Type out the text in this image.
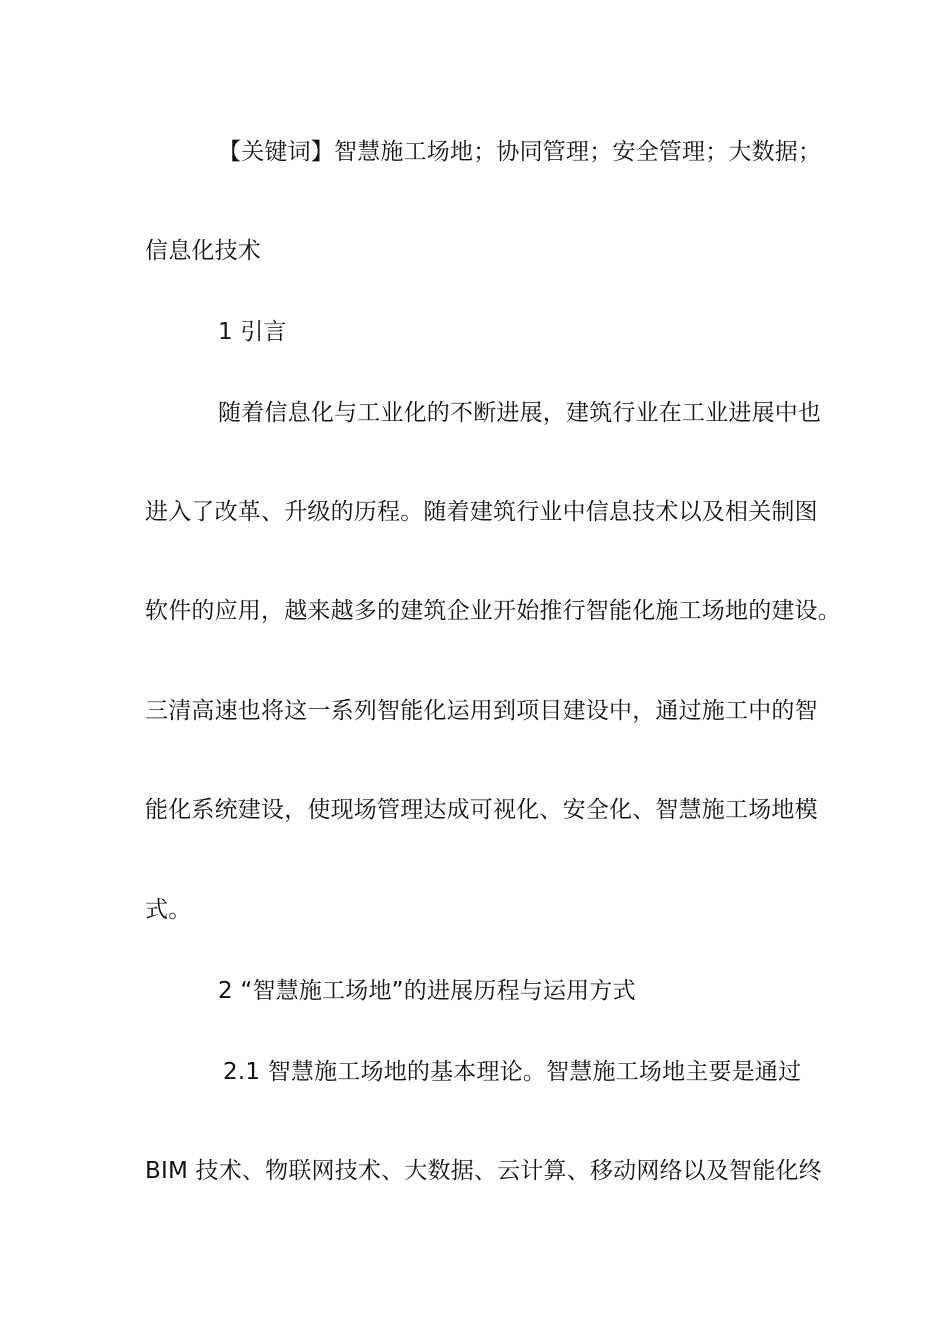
【关键词】智慧施工场地；协同管理；安全管理；大数据；
信息化技术
1 引言
随着信息化与工业化的不断进展，建筑行业在工业进展中也
进入了改革、升级的历程。随着建筑行业中信息技术以及相关制图
软件的应用，越来越多的建筑企业开始推行智能化施工场地的建设。
三清高速也将这一系列智能化运用到项目建设中，通过施工中的智
能化系统建设，使现场管理达成可视化、安全化、智慧施工场地模
式。
2 “智慧施工场地”的进展历程与运用方式
2.1 智慧施工场地的基本理论。智慧施工场地主要是通过
BIM 技术、物联网技术、大数据、云计算、移动网络以及智能化终
